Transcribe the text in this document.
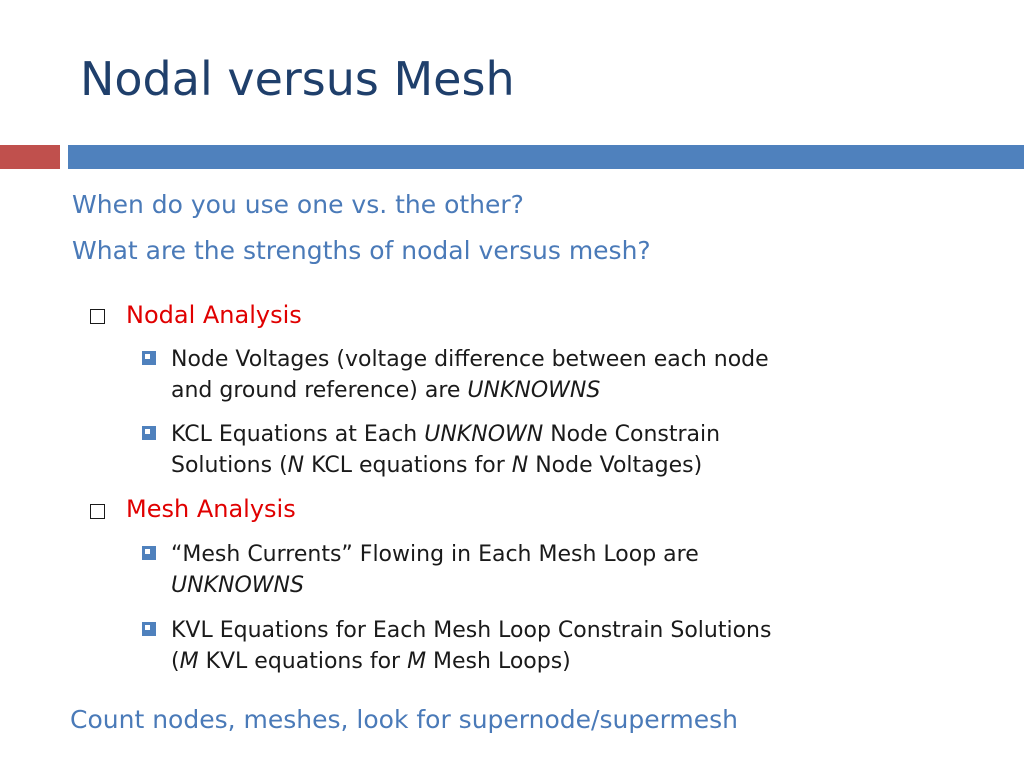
Nodal versus Mesh
When do you use one vs. the other?
What are the strengths of nodal versus mesh?
Nodal Analysis
Node Voltages (voltage difference between each node
and ground reference) are UNKNOWNS
KCL Equations at Each UNKNOWN Node Constrain
Solutions (N KCL equations for N Node Voltages)
Mesh Analysis
“Mesh Currents” Flowing in Each Mesh Loop are
UNKNOWNS
KVL Equations for Each Mesh Loop Constrain Solutions
(M KVL equations for M Mesh Loops)
Count nodes, meshes, look for supernode/supermesh
